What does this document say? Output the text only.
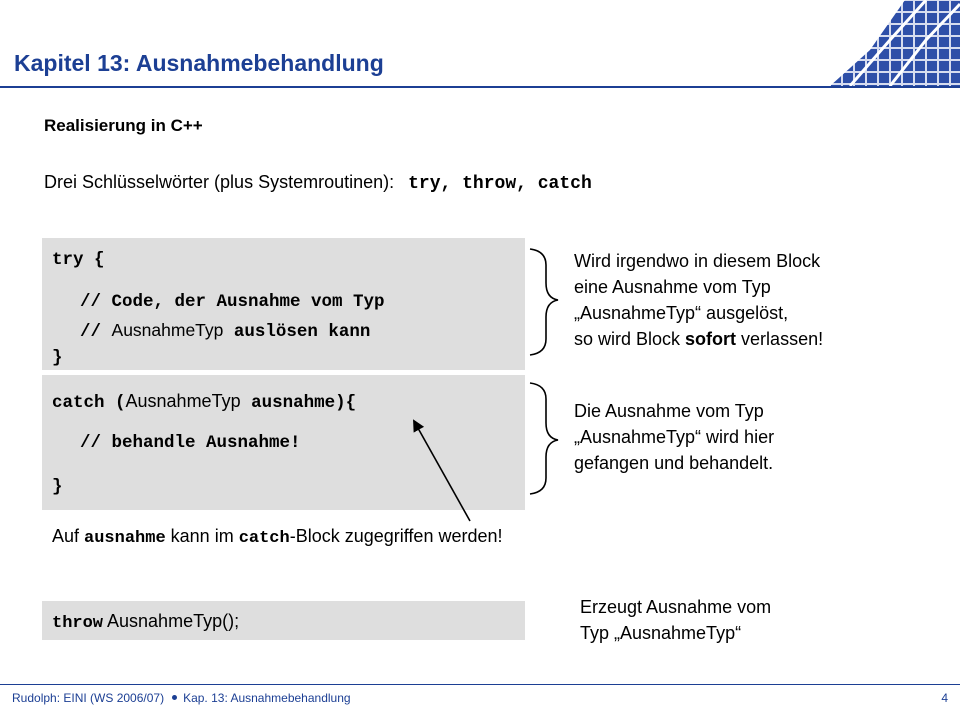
Kapitel 13: Ausnahmebehandlung
Realisierung in C++
Drei Schlüsselwörter (plus Systemroutinen): try, throw, catch
try {
// Code, der Ausnahme vom Typ
// AusnahmeTyp auslösen kann
}
catch (AusnahmeTyp ausnahme){
// behandle Ausnahme!
}
Wird irgendwo in diesem Block
eine Ausnahme vom Typ
„AusnahmeTyp“ ausgelöst,
so wird Block sofort verlassen!
Die Ausnahme vom Typ
„AusnahmeTyp“ wird hier
gefangen und behandelt.
Auf ausnahme kann im catch-Block zugegriffen werden!
throw AusnahmeTyp();
Erzeugt Ausnahme vom
Typ „AusnahmeTyp“
Rudolph: EINI (WS 2006/07) Kap. 13: Ausnahmebehandlung	4
